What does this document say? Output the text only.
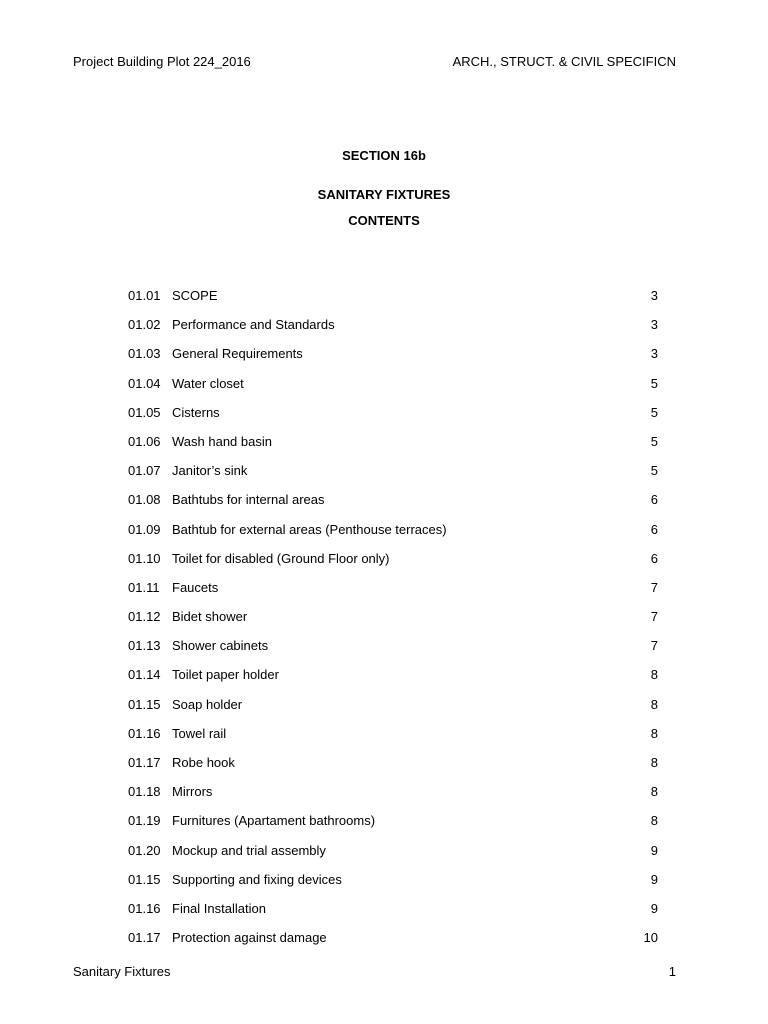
Project Building Plot 224_2016	ARCH., STRUCT. & CIVIL SPECIFICN
SECTION 16b
SANITARY FIXTURES
CONTENTS
01.01 SCOPE	3
01.02 Performance and Standards	3
01.03 General Requirements	3
01.04 Water closet	5
01.05 Cisterns	5
01.06 Wash hand basin	5
01.07 Janitor’s sink	5
01.08 Bathtubs for internal areas	6
01.09 Bathtub for external areas (Penthouse terraces)	6
01.10 Toilet for disabled (Ground Floor only)	6
01.11 Faucets	7
01.12 Bidet shower	7
01.13 Shower cabinets	7
01.14 Toilet paper holder	8
01.15 Soap holder	8
01.16 Towel rail	8
01.17 Robe hook	8
01.18 Mirrors	8
01.19 Furnitures (Apartament bathrooms)	8
01.20 Mockup and trial assembly	9
01.15 Supporting and fixing devices	9
01.16 Final Installation	9
01.17 Protection against damage	10
Sanitary Fixtures	1
